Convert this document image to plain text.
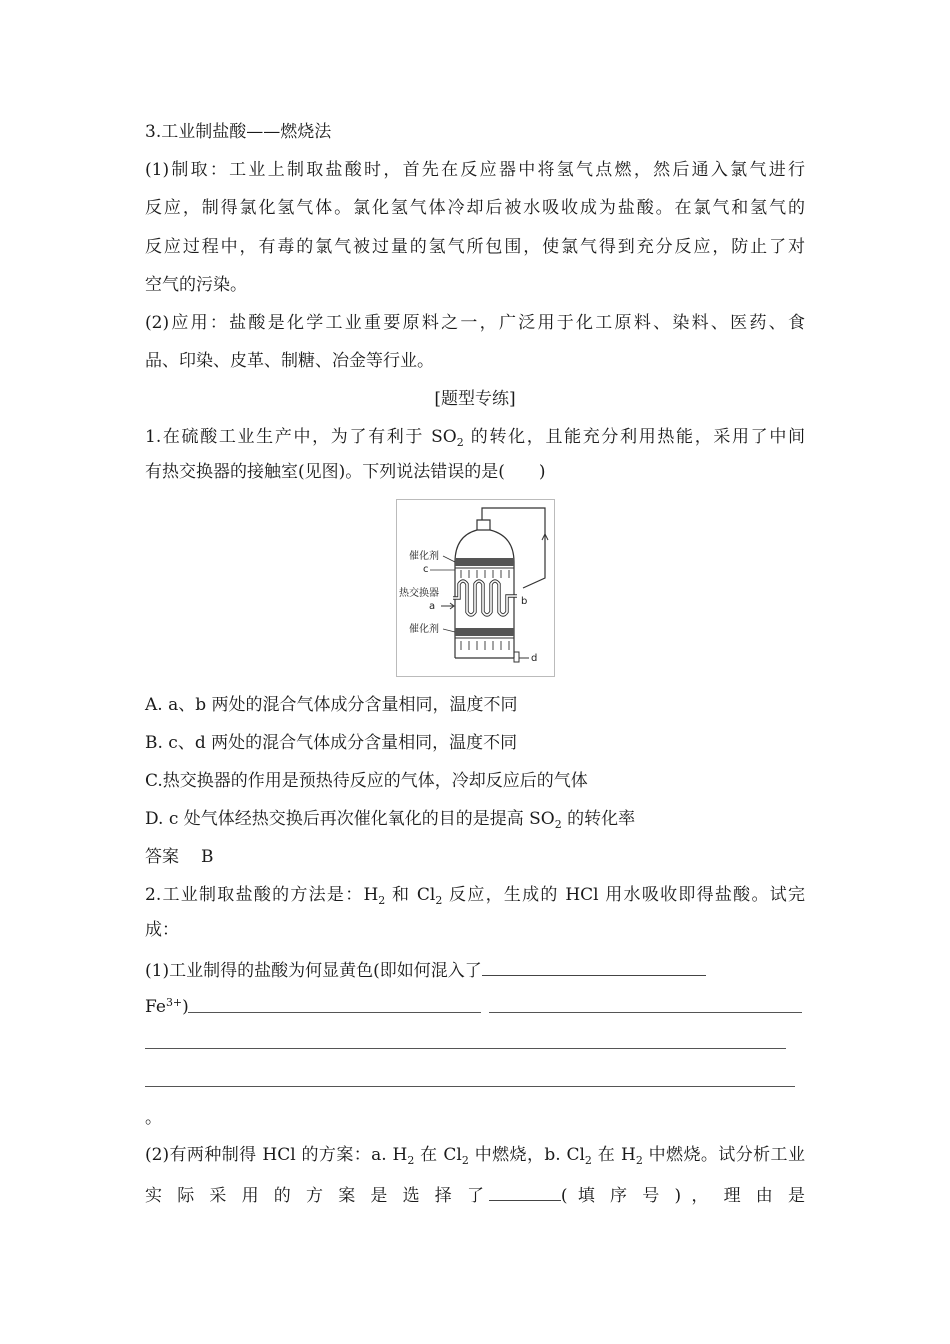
3.工业制盐酸——燃烧法
(1)制取：工业上制取盐酸时，首先在反应器中将氢气点燃，然后通入氯气进行
反应，制得氯化氢气体。氯化氢气体冷却后被水吸收成为盐酸。在氯气和氢气的
反应过程中，有毒的氯气被过量的氢气所包围，使氯气得到充分反应，防止了对
空气的污染。
(2)应用：盐酸是化学工业重要原料之一，广泛用于化工原料、染料、医药、食
品、印染、皮革、制糖、冶金等行业。
[题型专练]
1.在硫酸工业生产中，为了有利于 $SO_2$ 的转化，且能充分利用热能，采用了中间
有热交换器的接触室(见图)。下列说法错误的是(　　)
催化剂
c
热交换器
a	b
催化剂
d
A. a、b 两处的混合气体成分含量相同，温度不同
B. c、d 两处的混合气体成分含量相同，温度不同
C.热交换器的作用是预热待反应的气体，冷却反应后的气体
D. c 处气体经热交换后再次催化氧化的目的是提高 $SO_2$ 的转化率
答案 B
2.工业制取盐酸的方法是：$H_2$ 和 $Cl_2$ 反应，生成的 HCl 用水吸收即得盐酸。试完
成：
(1)工业制得的盐酸为何显黄色(即如何混入了
$Fe^{3+}$)
。
(2)有两种制得 HCl 的方案：a. $H_2$ 在 $Cl_2$ 中燃烧，b. $Cl_2$ 在 $H_2$ 中燃烧。试分析工业
实 际 采 用 的 方 案 是 选 择 了	( 填 序 号 ) ， 理 由 是
